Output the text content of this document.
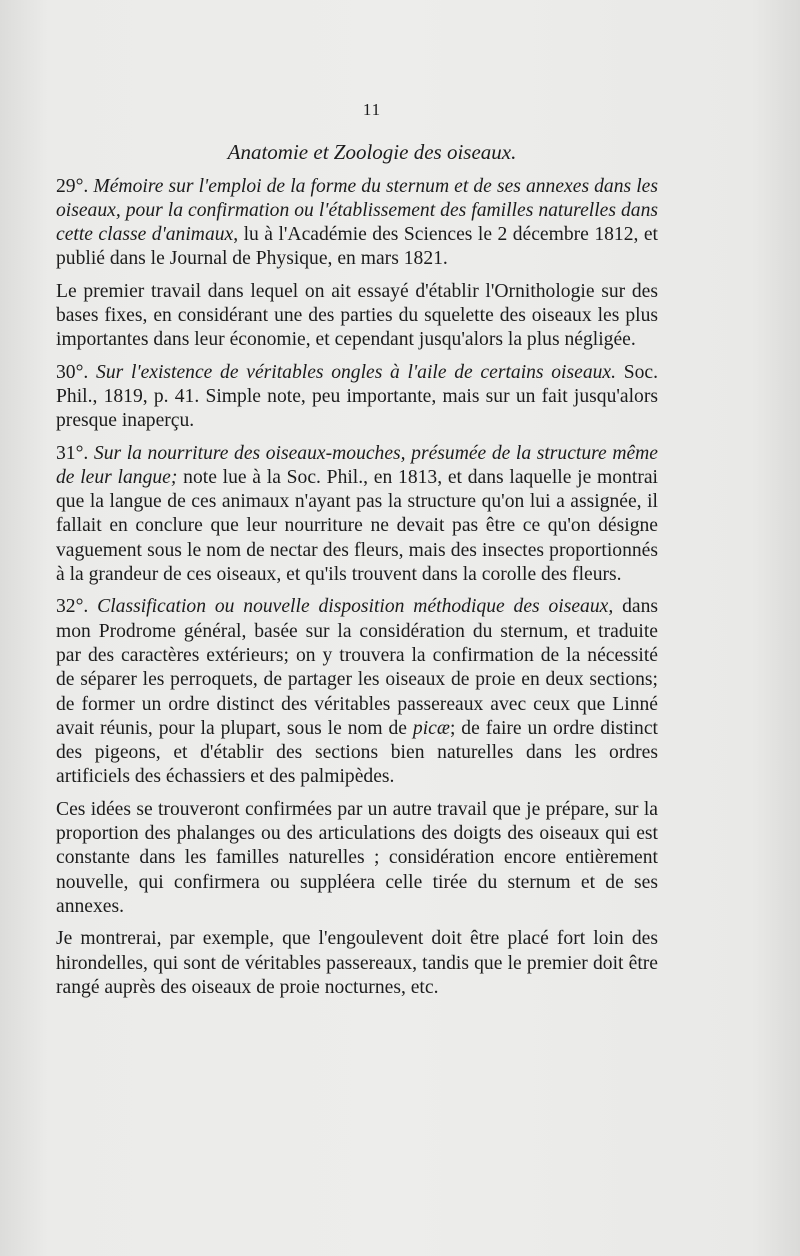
11
Anatomie et Zoologie des oiseaux.

29°. Mémoire sur l'emploi de la forme du sternum et de ses annexes dans les oiseaux, pour la confirmation ou l'établissement des familles naturelles dans cette classe d'animaux, lu à l'Académie des Sciences le 2 décembre 1812, et publié dans le Journal de Physique, en mars 1821.

Le premier travail dans lequel on ait essayé d'établir l'Ornithologie sur des bases fixes, en considérant une des parties du squelette des oiseaux les plus importantes dans leur économie, et cependant jusqu'alors la plus négligée.

30°. Sur l'existence de véritables ongles à l'aile de certains oiseaux. Soc. Phil., 1819, p. 41. Simple note, peu importante, mais sur un fait jusqu'alors presque inaperçu.

31°. Sur la nourriture des oiseaux-mouches, présumée de la structure même de leur langue; note lue à la Soc. Phil., en 1813, et dans laquelle je montrai que la langue de ces animaux n'ayant pas la structure qu'on lui a assignée, il fallait en conclure que leur nourriture ne devait pas être ce qu'on désigne vaguement sous le nom de nectar des fleurs, mais des insectes proportionnés à la grandeur de ces oiseaux, et qu'ils trouvent dans la corolle des fleurs.

32°. Classification ou nouvelle disposition méthodique des oiseaux, dans mon Prodrome général, basée sur la considération du sternum, et traduite par des caractères extérieurs; on y trouvera la confirmation de la nécessité de séparer les perroquets, de partager les oiseaux de proie en deux sections; de former un ordre distinct des véritables passereaux avec ceux que Linné avait réunis, pour la plupart, sous le nom de picæ; de faire un ordre distinct des pigeons, et d'établir des sections bien naturelles dans les ordres artificiels des échassiers et des palmipèdes.

Ces idées se trouveront confirmées par un autre travail que je prépare, sur la proportion des phalanges ou des articulations des doigts des oiseaux qui est constante dans les familles naturelles ; considération encore entièrement nouvelle, qui confirmera ou suppléera celle tirée du sternum et de ses annexes.

Je montrerai, par exemple, que l'engoulevent doit être placé fort loin des hirondelles, qui sont de véritables passereaux, tandis que le premier doit être rangé auprès des oiseaux de proie nocturnes, etc.
